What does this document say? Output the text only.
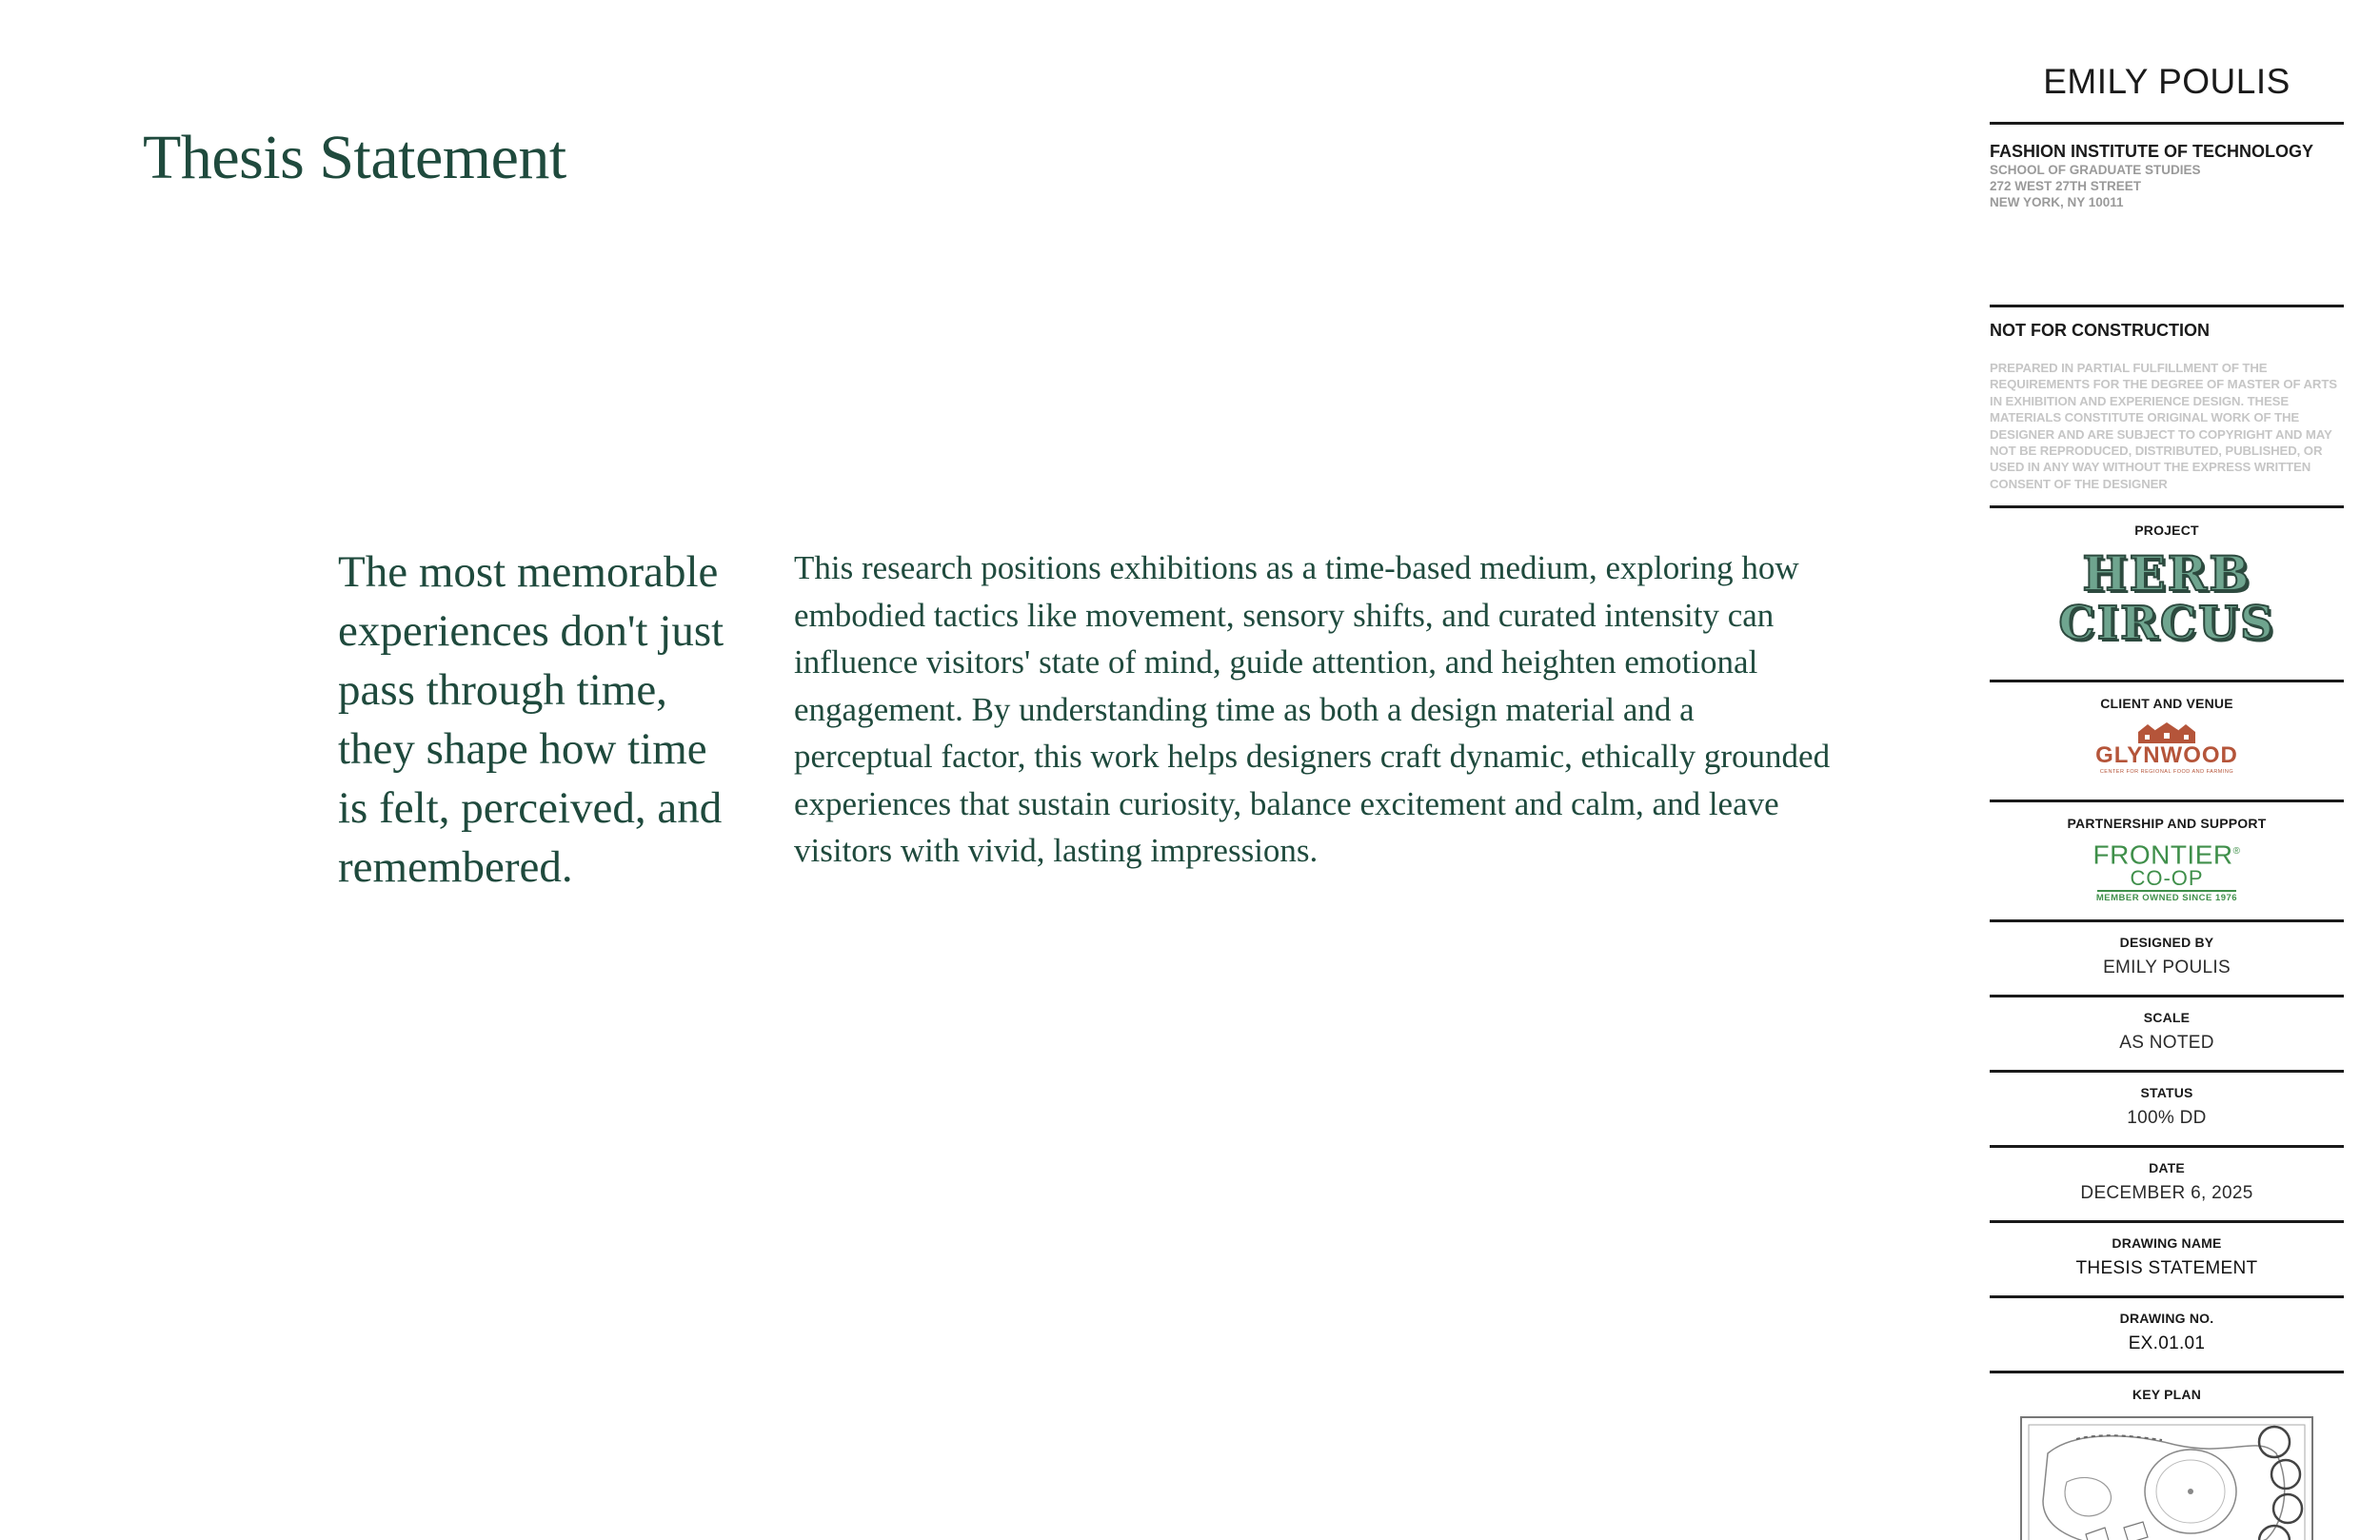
Thesis Statement

The most memorable experiences don't just pass through time, they shape how time is felt, perceived, and remembered.

This research positions exhibitions as a time-based medium, exploring how embodied tactics like movement, sensory shifts, and curated intensity can influence visitors' state of mind, guide attention, and heighten emotional engagement. By understanding time as both a design material and a perceptual factor, this work helps designers craft dynamic, ethically grounded experiences that sustain curiosity, balance excitement and calm, and leave visitors with vivid, lasting impressions.

EMILY POULIS
FASHION INSTITUTE OF TECHNOLOGY
SCHOOL OF GRADUATE STUDIES
272 WEST 27TH STREET
NEW YORK, NY 10011
NOT FOR CONSTRUCTION
PREPARED IN PARTIAL FULFILLMENT OF THE REQUIREMENTS FOR THE DEGREE OF MASTER OF ARTS IN EXHIBITION AND EXPERIENCE DESIGN. THESE MATERIALS CONSTITUTE ORIGINAL WORK OF THE DESIGNER AND ARE SUBJECT TO COPYRIGHT AND MAY NOT BE REPRODUCED, DISTRIBUTED, PUBLISHED, OR USED IN ANY WAY WITHOUT THE EXPRESS WRITTEN CONSENT OF THE DESIGNER
PROJECT
HERB
CIRCUS
CLIENT AND VENUE
GLYNWOOD
CENTER FOR REGIONAL FOOD AND FARMING
PARTNERSHIP AND SUPPORT
FRONTIER®
CO-OP
MEMBER OWNED SINCE 1976
DESIGNED BY
EMILY POULIS
SCALE
AS NOTED
STATUS
100% DD
DATE
DECEMBER 6, 2025
DRAWING NAME
THESIS STATEMENT
DRAWING NO.
EX.01.01
KEY PLAN
